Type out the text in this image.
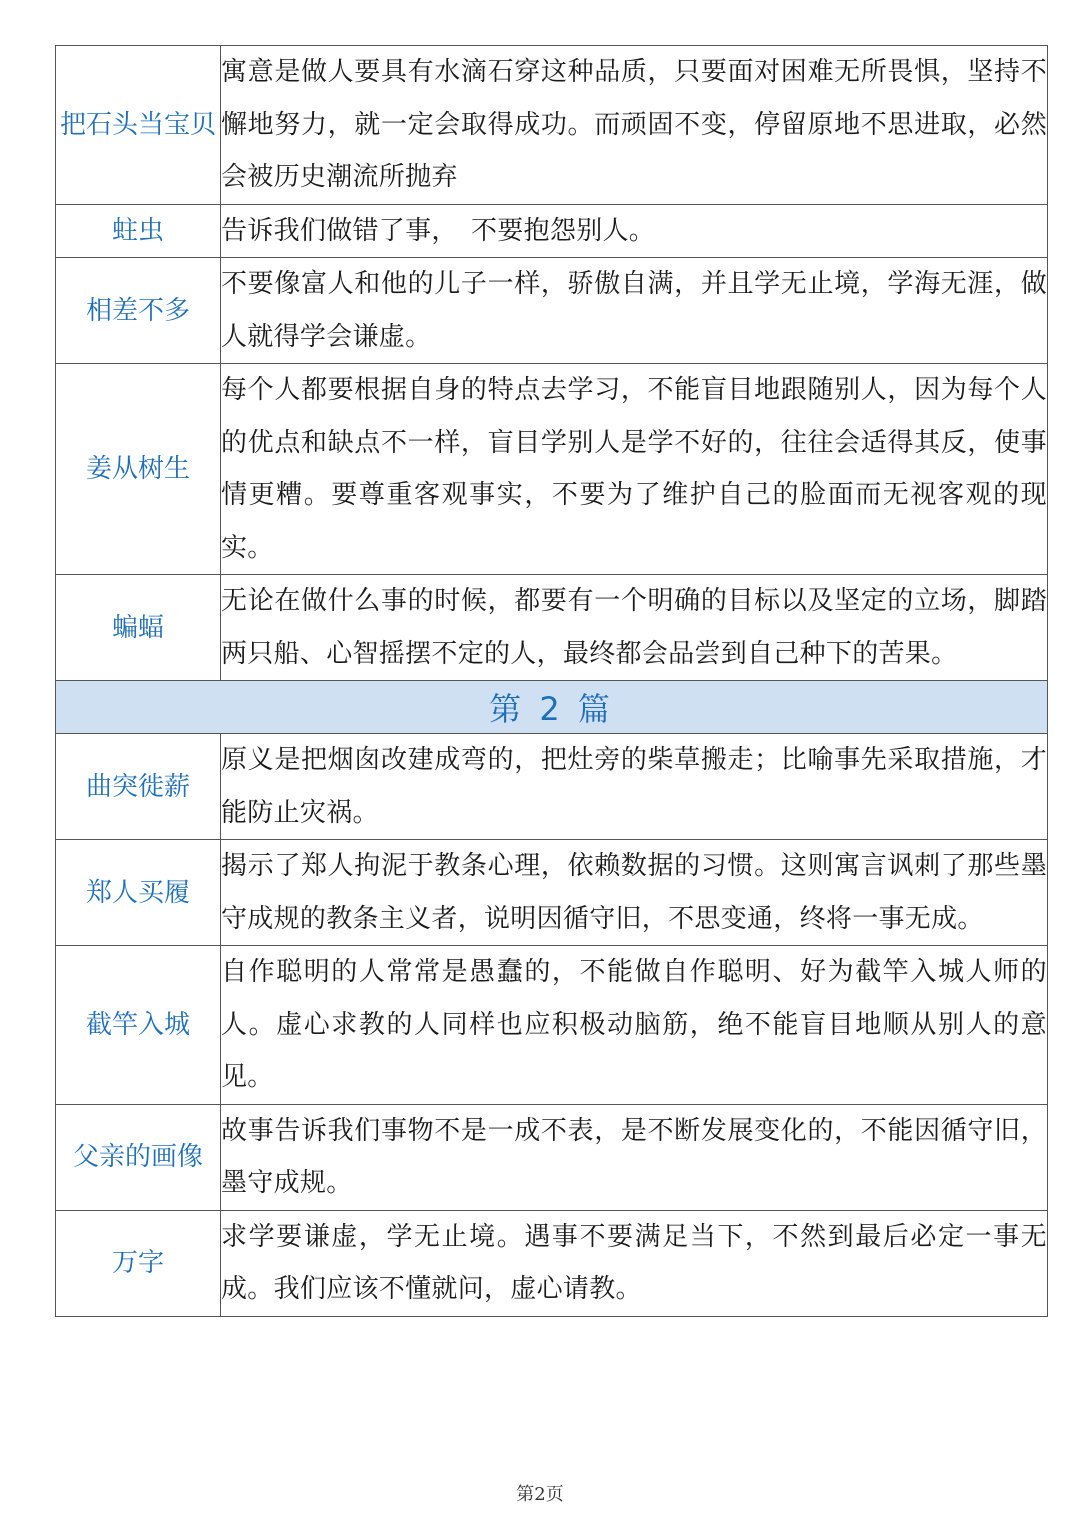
把石头当宝贝	寓意是做人要具有水滴石穿这种品质，只要面对困难无所畏惧，坚持不懈地努力，就一定会取得成功。而顽固不变，停留原地不思进取，必然会被历史潮流所抛弃
蛀虫	告诉我们做错了事，　不要抱怨别人。
相差不多	不要像富人和他的儿子一样，骄傲自满，并且学无止境，学海无涯，做人就得学会谦虚。
姜从树生	每个人都要根据自身的特点去学习，不能盲目地跟随别人，因为每个人的优点和缺点不一样，盲目学别人是学不好的，往往会适得其反，使事情更糟。要尊重客观事实，不要为了维护自己的脸面而无视客观的现实。
蝙蝠	无论在做什么事的时候，都要有一个明确的目标以及坚定的立场，脚踏两只船、心智摇摆不定的人，最终都会品尝到自己种下的苦果。
第 2 篇	
曲突徙薪	原义是把烟囱改建成弯的，把灶旁的柴草搬走；比喻事先采取措施，才能防止灾祸。
郑人买履	揭示了郑人拘泥于教条心理，依赖数据的习惯。这则寓言讽刺了那些墨守成规的教条主义者，说明因循守旧，不思变通，终将一事无成。
截竿入城	自作聪明的人常常是愚蠢的，不能做自作聪明、好为截竿入城人师的人。虚心求教的人同样也应积极动脑筋，绝不能盲目地顺从别人的意见。
父亲的画像	故事告诉我们事物不是一成不表，是不断发展变化的，不能因循守旧，墨守成规。
万字	求学要谦虚，学无止境。遇事不要满足当下，不然到最后必定一事无成。我们应该不懂就问，虚心请教。
第2页
